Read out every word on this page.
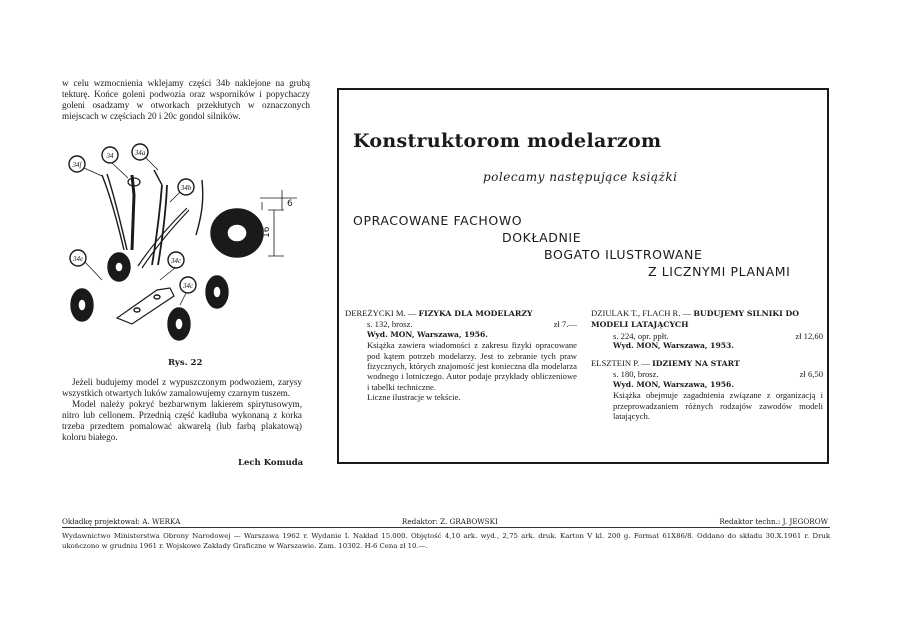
w celu wzmocnienia wklejamy części 34b naklejone na grubą tekturę. Końce goleni podwozia oraz wsporników i popychaczy goleni osadzamy w otworkach przekłutych w oznaczonych miejscach w częściach 20 i 20c gondol silników.

34f
34	34a
34b
34e	34c
34c
6
16
Rys. 22

Jeżeli budujemy model z wypuszczonym podwoziem, zarysy wszystkich otwartych luków zamalowujemy czarnym tuszem.

Model należy pokryć bezbarwnym lakierem spirytusowym, nitro lub cellonem. Przednią część kadłuba wykonaną z korka trzeba przedtem pomalować akwarelą (lub farbą plakatową) koloru białego.

Lech Komuda
Konstruktorom modelarzom
polecamy następujące książki
OPRACOWANE FACHOWO
DOKŁADNIE
BOGATO ILUSTROWANE
Z LICZNYMI PLANAMI
DEREŻYCKI M. — FIZYKA DLA MODELARZY
s. 132, brosz.	zł 7.—
Wyd. MON, Warszawa, 1956.
Książka zawiera wiadomości z zakresu fizyki opracowane pod kątem potrzeb modelarzy. Jest to zebranie tych praw fizycznych, których znajomość jest konieczna dla modelarza wodnego i lotniczego. Autor podaje przykłady obliczeniowe i tabelki techniczne.
Liczne ilustracje w tekście.
DZIULAK T., FLACH R. — BUDUJEMY SILNIKI DO MODELI LATAJĄCYCH
s. 224, opr. ppłt.	zł 12,60
Wyd. MON, Warszawa, 1953.
ELSZTEIN P. — IDZIEMY NA START
s. 180, brosz.	zł 6,50
Wyd. MON, Warszawa, 1956.
Książka obejmuje zagadnienia związane z organizacją i przeprowadzaniem różnych rodzajów zawodów modeli latających.
Okładkę projektował: A. WERKA	Redaktor: Z. GRABOWSKI	Redaktor techn.: J. JEGOROW
Wydawnictwo Ministerstwa Obrony Narodowej — Warszawa 1962 r. Wydanie I. Nakład 15.000. Objętość 4,10 ark. wyd., 2,75 ark. druk. Karton V kl. 200 g. Format 61X86/8. Oddano do składu 30.X.1961 r. Druk ukończono w grudniu 1961 r. Wojskowe Zakłady Graficzne w Warszawie. Zam. 10302. H-6 Cena zł 10.—.
